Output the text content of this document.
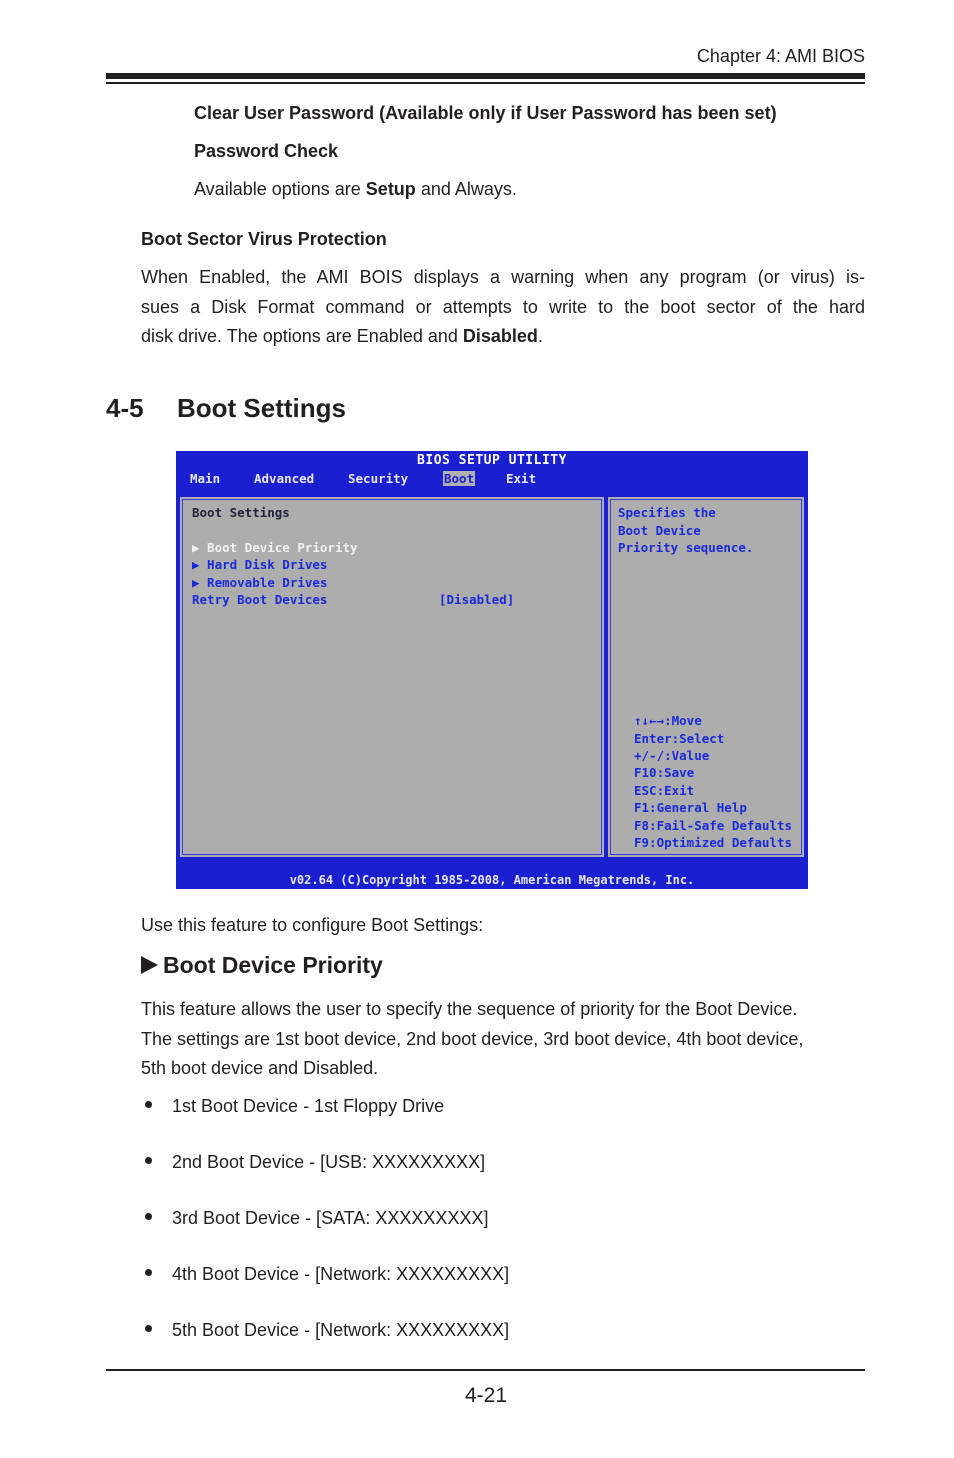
Chapter 4: AMI BIOS
Clear User Password (Available only if User Password has been set)
Password Check
Available options are Setup and Always.
Boot Sector Virus Protection
When Enabled, the AMI BOIS displays a warning when any program (or virus) is-
sues a Disk Format command or attempts to write to the boot sector of the hard
disk drive. The options are Enabled and Disabled.
4-5 Boot Settings
BIOS SETUP UTILITY
Main	Advanced	Security	Boot	Exit
Boot Settings
▶ Boot Device Priority
▶ Hard Disk Drives
▶ Removable Drives
Retry Boot Devices	[Disabled]
Specifies the
Boot Device
Priority sequence.
↑↓←→:Move
Enter:Select
+/-/:Value
F10:Save
ESC:Exit
F1:General Help
F8:Fail-Safe Defaults
F9:Optimized Defaults
v02.64 (C)Copyright 1985-2008, American Megatrends, Inc.
Use this feature to configure Boot Settings:
Boot Device Priority
This feature allows the user to specify the sequence of priority for the Boot Device.
The settings are 1st boot device, 2nd boot device, 3rd boot device, 4th boot device,
5th boot device and Disabled.
1st Boot Device - 1st Floppy Drive
2nd Boot Device - [USB: XXXXXXXXX]
3rd Boot Device - [SATA: XXXXXXXXX]
4th Boot Device - [Network: XXXXXXXXX]
5th Boot Device - [Network: XXXXXXXXX]
4-21
